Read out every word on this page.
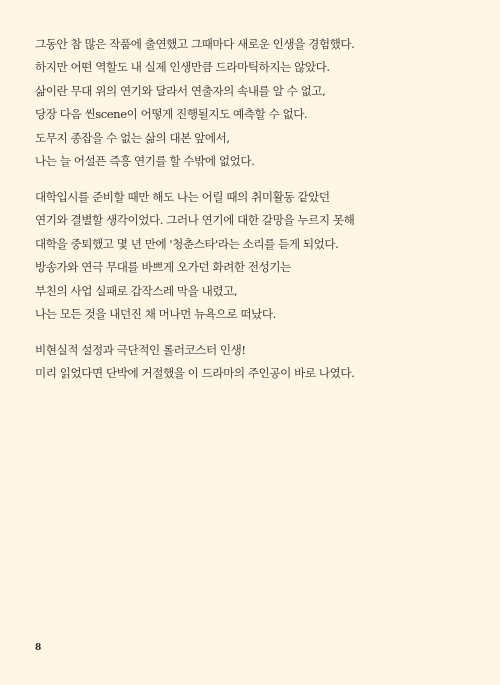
그동안 참 많은 작품에 출연했고 그때마다 새로운 인생을 경험했다.
하지만 어떤 역할도 내 실제 인생만큼 드라마틱하지는 않았다.
삶이란 무대 위의 연기와 달라서 연출자의 속내를 알 수 없고,
당장 다음 씬scene이 어떻게 진행될지도 예측할 수 없다.
도무지 종잡을 수 없는 삶의 대본 앞에서,
나는 늘 어설픈 즉흥 연기를 할 수밖에 없었다.
대학입시를 준비할 때만 해도 나는 어릴 때의 취미활동 같았던
연기와 결별할 생각이었다. 그러나 연기에 대한 갈망을 누르지 못해
대학을 중퇴했고 몇 년 만에 '청춘스타'라는 소리를 듣게 되었다.
방송가와 연극 무대를 바쁘게 오가던 화려한 전성기는
부친의 사업 실패로 갑작스레 막을 내렸고,
나는 모든 것을 내던진 채 머나먼 뉴욕으로 떠났다.
비현실적 설정과 극단적인 롤러코스터 인생!
미리 읽었다면 단박에 거절했을 이 드라마의 주인공이 바로 나였다.
8
